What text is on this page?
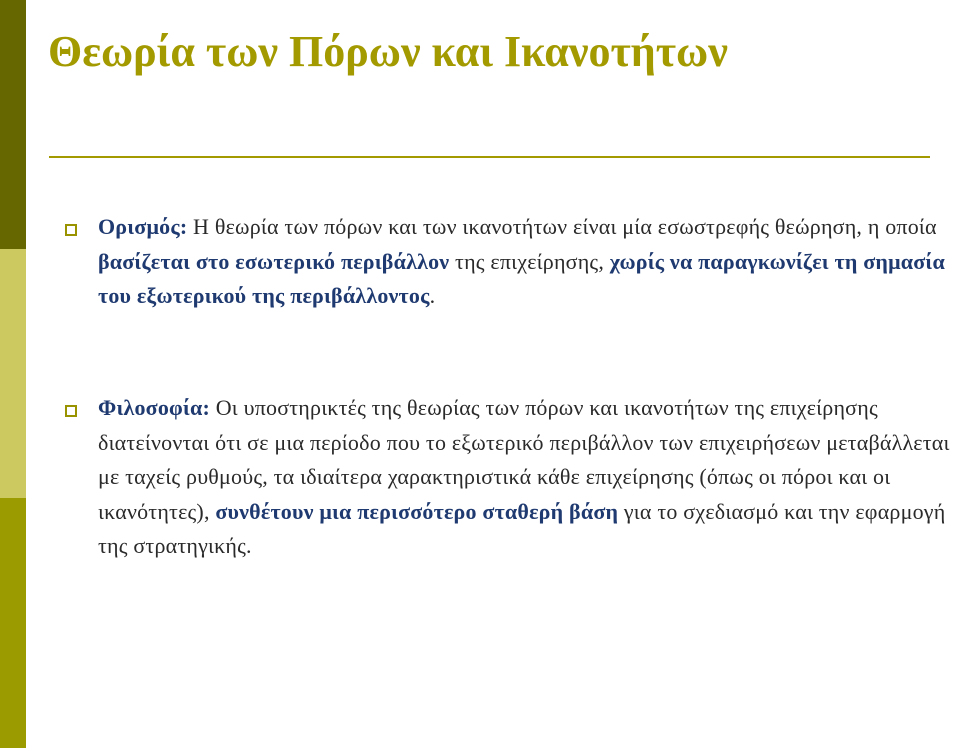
Θεωρία των Πόρων και Ικανοτήτων

Ορισμός: Η θεωρία των πόρων και των ικανοτήτων είναι μία εσωστρεφής θεώρηση, η οποία βασίζεται στο εσωτερικό περιβάλλον της επιχείρησης, χωρίς να παραγκωνίζει τη σημασία του εξωτερικού της περιβάλλοντος.

Φιλοσοφία: Οι υποστηρικτές της θεωρίας των πόρων και ικανοτήτων της επιχείρησης διατείνονται ότι σε μια περίοδο που το εξωτερικό περιβάλλον των επιχειρήσεων μεταβάλλεται με ταχείς ρυθμούς, τα ιδιαίτερα χαρακτηριστικά κάθε επιχείρησης (όπως οι πόροι και οι ικανότητες), συνθέτουν μια περισσότερο σταθερή βάση για το σχεδιασμό και την εφαρμογή της στρατηγικής.
